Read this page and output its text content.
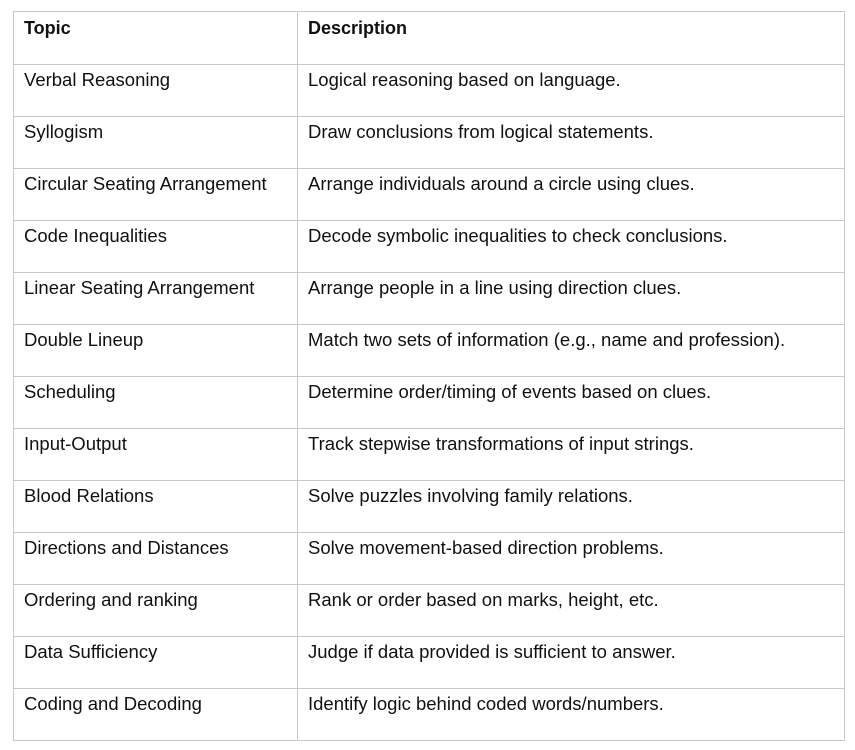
Topic	Description
Verbal Reasoning	Logical reasoning based on language.
Syllogism	Draw conclusions from logical statements.
Circular Seating Arrangement	Arrange individuals around a circle using clues.
Code Inequalities	Decode symbolic inequalities to check conclusions.
Linear Seating Arrangement	Arrange people in a line using direction clues.
Double Lineup	Match two sets of information (e.g., name and profession).
Scheduling	Determine order/timing of events based on clues.
Input-Output	Track stepwise transformations of input strings.
Blood Relations	Solve puzzles involving family relations.
Directions and Distances	Solve movement-based direction problems.
Ordering and ranking	Rank or order based on marks, height, etc.
Data Sufficiency	Judge if data provided is sufficient to answer.
Coding and Decoding	Identify logic behind coded words/numbers.
